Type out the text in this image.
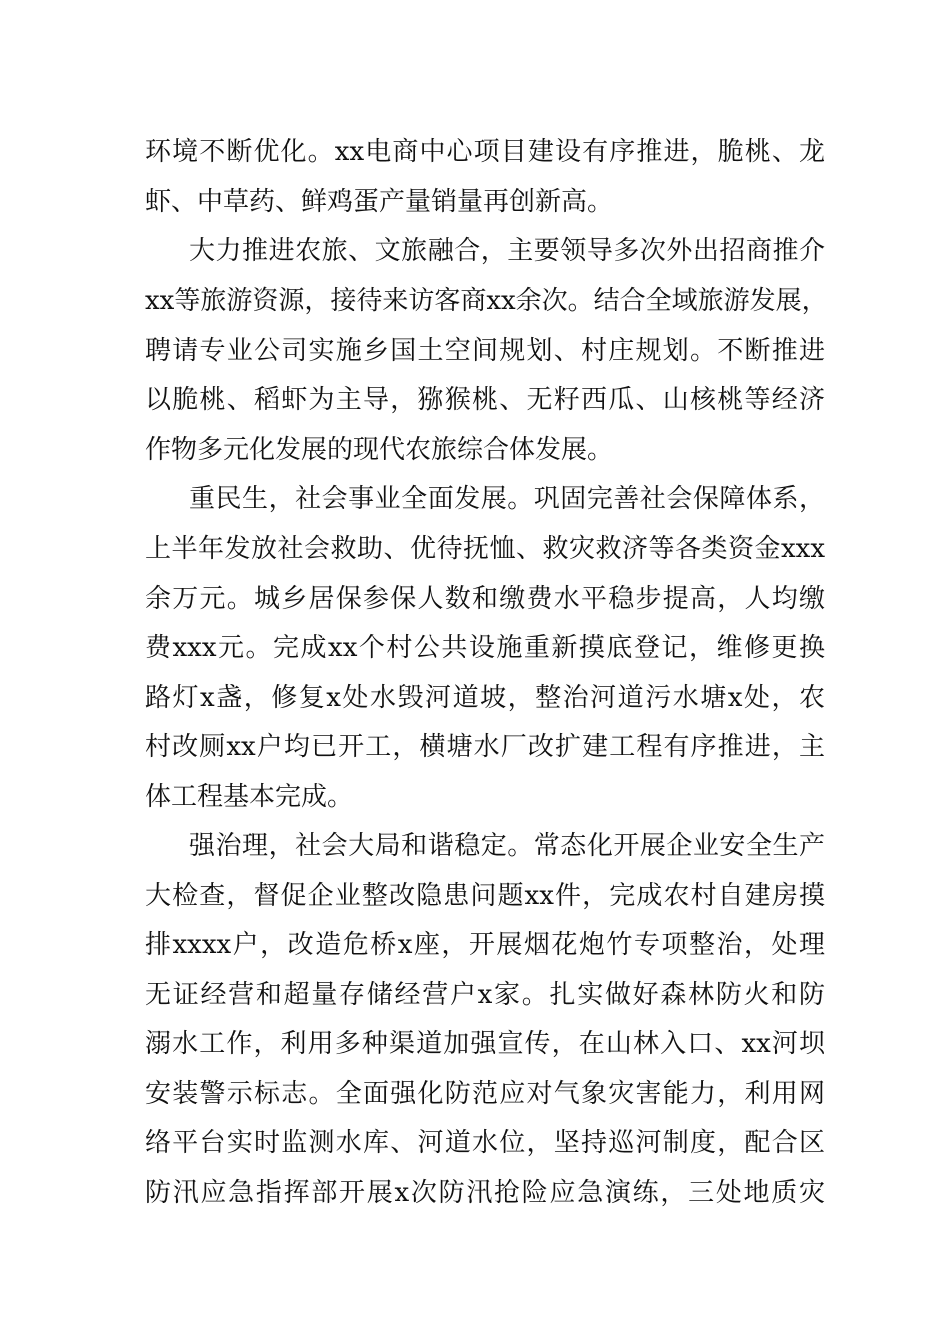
环境不断优化。xx电商中心项目建设有序推进，脆桃、龙
虾、中草药、鲜鸡蛋产量销量再创新高。
大力推进农旅、文旅融合，主要领导多次外出招商推介
xx等旅游资源，接待来访客商xx余次。结合全域旅游发展，
聘请专业公司实施乡国土空间规划、村庄规划。不断推进
以脆桃、稻虾为主导，猕猴桃、无籽西瓜、山核桃等经济
作物多元化发展的现代农旅综合体发展。
重民生，社会事业全面发展。巩固完善社会保障体系，
上半年发放社会救助、优待抚恤、救灾救济等各类资金xxx
余万元。城乡居保参保人数和缴费水平稳步提高，人均缴
费xxx元。完成xx个村公共设施重新摸底登记，维修更换
路灯x盏，修复x处水毁河道坡，整治河道污水塘x处，农
村改厕xx户均已开工，横塘水厂改扩建工程有序推进，主
体工程基本完成。
强治理，社会大局和谐稳定。常态化开展企业安全生产
大检查，督促企业整改隐患问题xx件，完成农村自建房摸
排xxxx户，改造危桥x座，开展烟花炮竹专项整治，处理
无证经营和超量存储经营户x家。扎实做好森林防火和防
溺水工作，利用多种渠道加强宣传，在山林入口、xx河坝
安装警示标志。全面强化防范应对气象灾害能力，利用网
络平台实时监测水库、河道水位，坚持巡河制度，配合区
防汛应急指挥部开展x次防汛抢险应急演练，三处地质灾
